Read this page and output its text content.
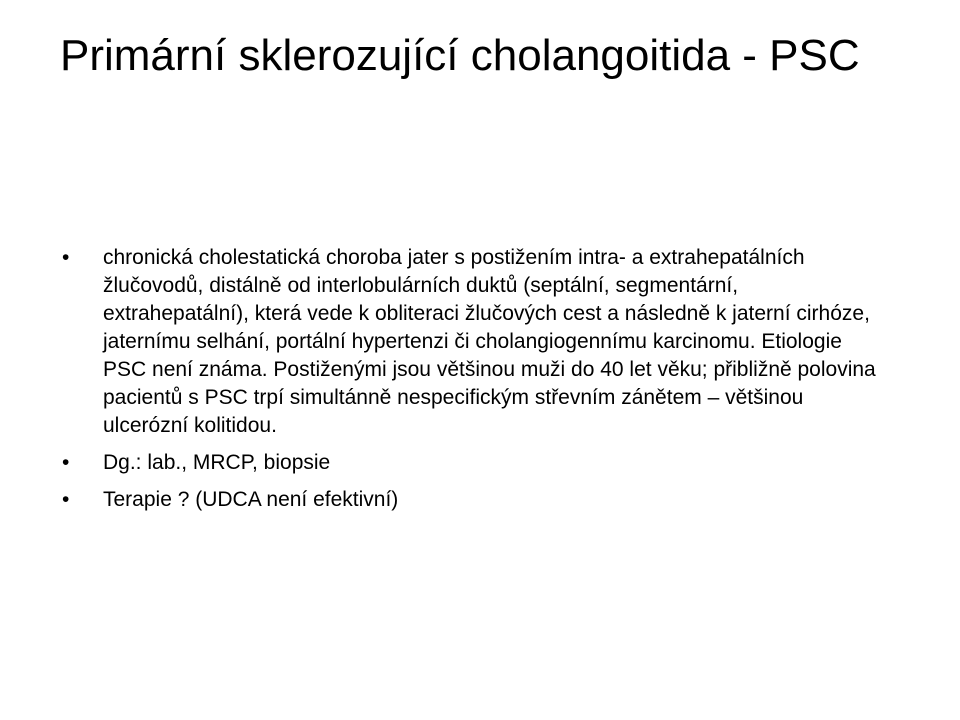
Primární sklerozující cholangoitida - PSC
• chronická cholestatická choroba jater s postižením intra- a extrahepatálních žlučovodů, distálně od interlobulárních duktů (septální, segmentární, extrahepatální), která vede k obliteraci žlučových cest a následně k jaterní cirhóze, jaternímu selhání, portální hypertenzi či cholangiogennímu karcinomu. Etiologie PSC není známa. Postiženými jsou většinou muži do 40 let věku; přibližně polovina pacientů s PSC trpí simultánně nespecifickým střevním zánětem – většinou ulcerózní kolitidou.
• Dg.: lab., MRCP, biopsie
• Terapie ? (UDCA není efektivní)
